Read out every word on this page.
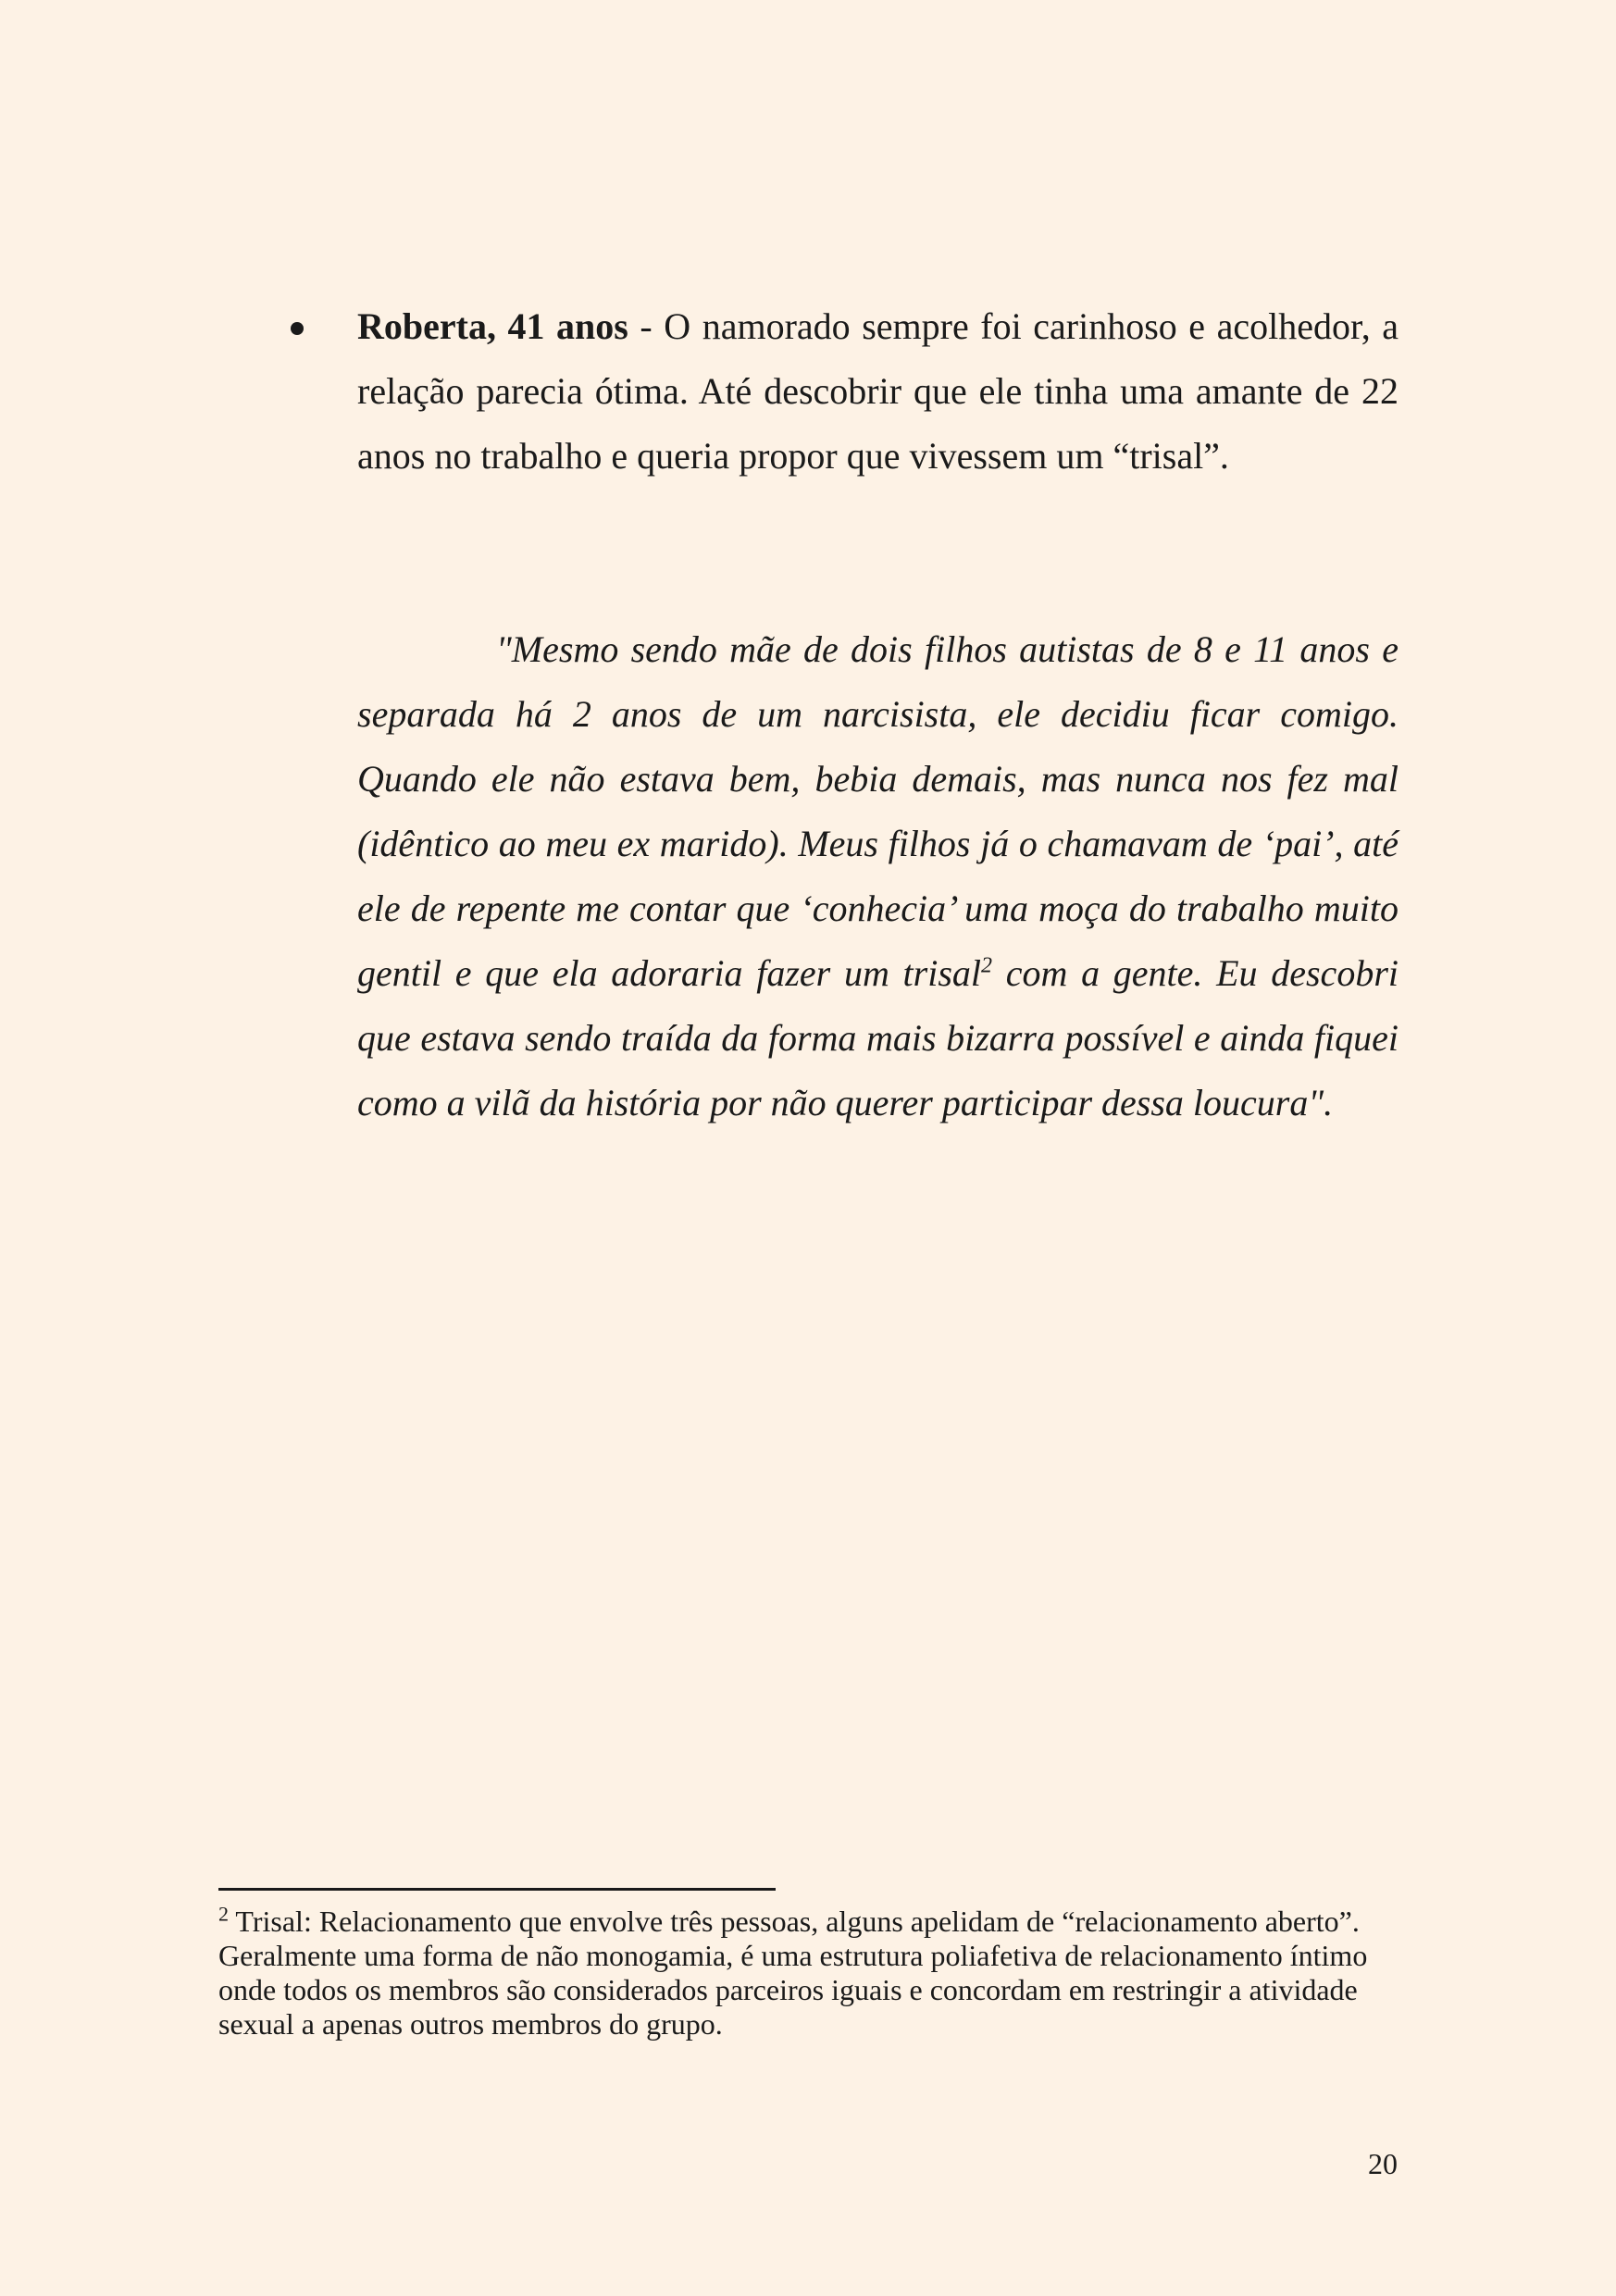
Roberta, 41 anos - O namorado sempre foi carinhoso e acolhedor, a relação parecia ótima. Até descobrir que ele tinha uma amante de 22 anos no trabalho e queria propor que vivessem um “trisal”.

"Mesmo sendo mãe de dois filhos autistas de 8 e 11 anos e separada há 2 anos de um narcisista, ele decidiu ficar comigo. Quando ele não estava bem, bebia demais, mas nunca nos fez mal (idêntico ao meu ex marido). Meus filhos já o chamavam de ‘pai’, até ele de repente me contar que ‘conhecia’ uma moça do trabalho muito gentil e que ela adoraria fazer um trisal$^2$ com a gente. Eu descobri que estava sendo traída da forma mais bizarra possível e ainda fiquei como a vilã da história por não querer participar dessa loucura".

$^2$ Trisal: Relacionamento que envolve três pessoas, alguns apelidam de “relacionamento aberto”. Geralmente uma forma de não monogamia, é uma estrutura poliafetiva de relacionamento íntimo onde todos os membros são considerados parceiros iguais e concordam em restringir a atividade sexual a apenas outros membros do grupo.

20
